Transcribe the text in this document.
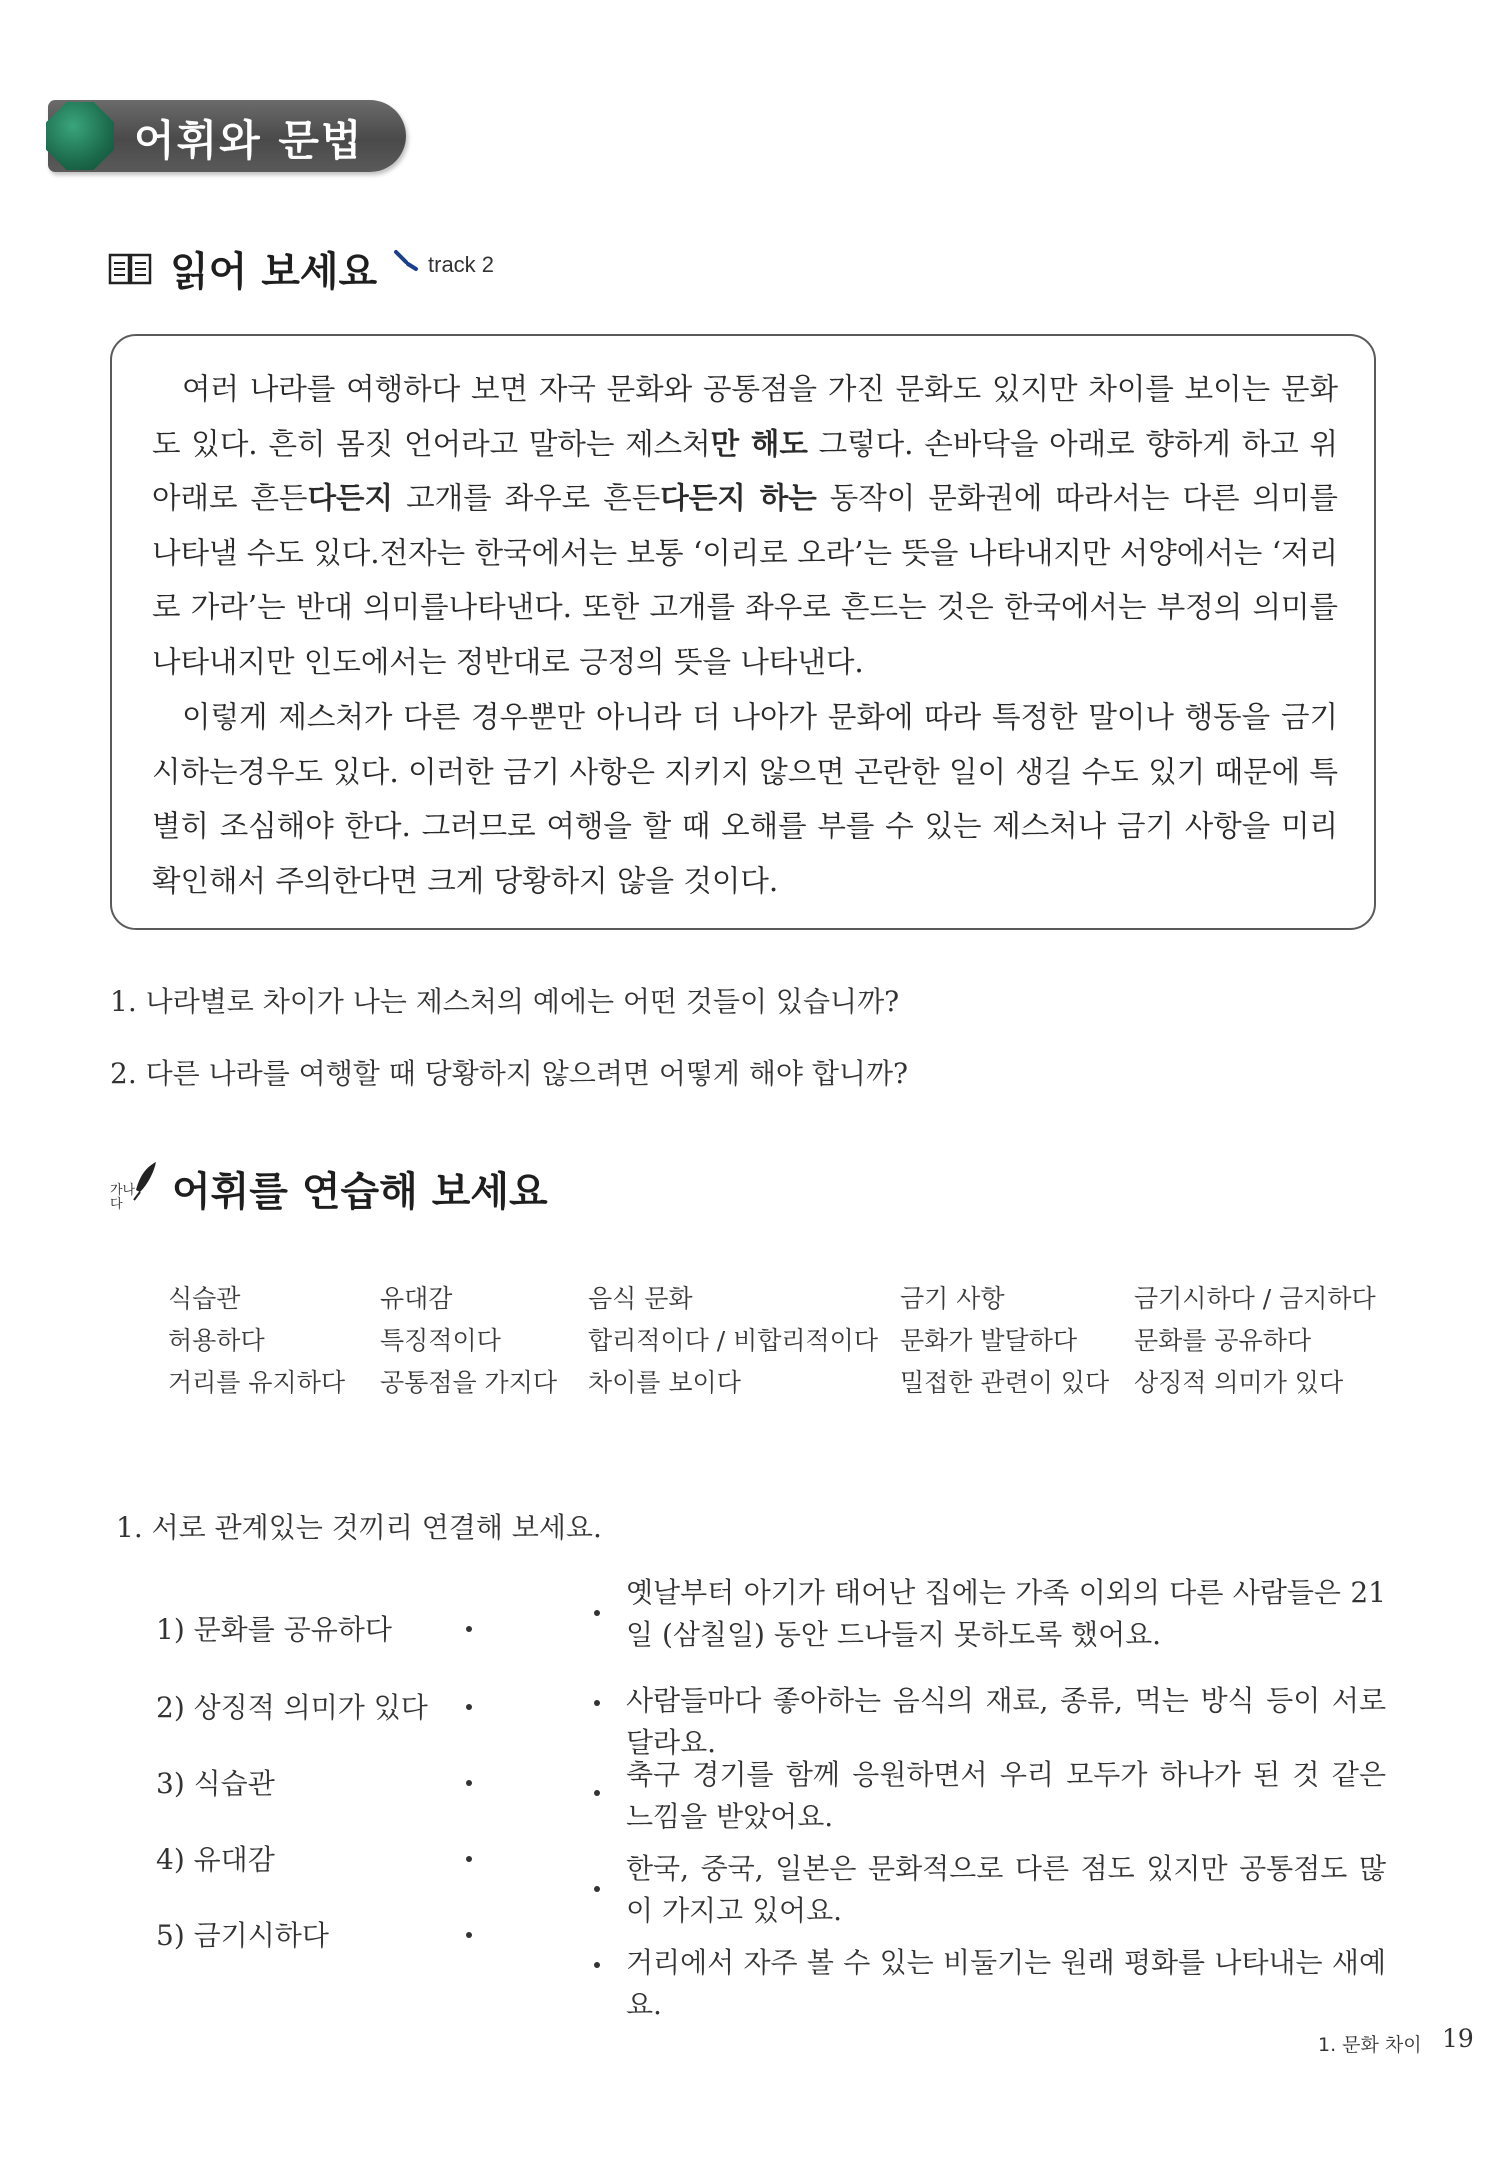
어휘와 문법
읽어 보세요 track 2

여러 나라를 여행하다 보면 자국 문화와 공통점을 가진 문화도 있지만 차이를 보이는 문화도 있다. 흔히 몸짓 언어라고 말하는 제스처만 해도 그렇다. 손바닥을 아래로 향하게 하고 위아래로 흔든다든지 고개를 좌우로 흔든다든지 하는 동작이 문화권에 따라서는 다른 의미를 나타낼 수도 있다.전자는 한국에서는 보통 ‘이리로 오라’는 뜻을 나타내지만 서양에서는 ‘저리로 가라’는 반대 의미를나타낸다. 또한 고개를 좌우로 흔드는 것은 한국에서는 부정의 의미를 나타내지만 인도에서는 정반대로 긍정의 뜻을 나타낸다.

이렇게 제스처가 다른 경우뿐만 아니라 더 나아가 문화에 따라 특정한 말이나 행동을 금기시하는경우도 있다. 이러한 금기 사항은 지키지 않으면 곤란한 일이 생길 수도 있기 때문에 특별히 조심해야 한다. 그러므로 여행을 할 때 오해를 부를 수 있는 제스처나 금기 사항을 미리 확인해서 주의한다면 크게 당황하지 않을 것이다.

1. 나라별로 차이가 나는 제스처의 예에는 어떤 것들이 있습니까?
2. 다른 나라를 여행할 때 당황하지 않으려면 어떻게 해야 합니까?
가나다	어휘를 연습해 보세요
식습관
허용하다
거리를 유지하다
유대감
특징적이다
공통점을 가지다
음식 문화
합리적이다 / 비합리적이다
차이를 보이다
금기 사항
문화가 발달하다
밀접한 관련이 있다
금기시하다 / 금지하다
문화를 공유하다
상징적 의미가 있다
1. 서로 관계있는 것끼리 연결해 보세요.
1) 문화를 공유하다
2) 상징적 의미가 있다
3) 식습관
4) 유대감
5) 금기시하다
옛날부터 아기가 태어난 집에는 가족 이외의 다른 사람들은 21일 (삼칠일) 동안 드나들지 못하도록 했어요.
사람들마다 좋아하는 음식의 재료, 종류, 먹는 방식 등이 서로 달라요.
축구 경기를 함께 응원하면서 우리 모두가 하나가 된 것 같은 느낌을 받았어요.
한국, 중국, 일본은 문화적으로 다른 점도 있지만 공통점도 많이 가지고 있어요.
거리에서 자주 볼 수 있는 비둘기는 원래 평화를 나타내는 새예요.
1. 문화 차이 19
